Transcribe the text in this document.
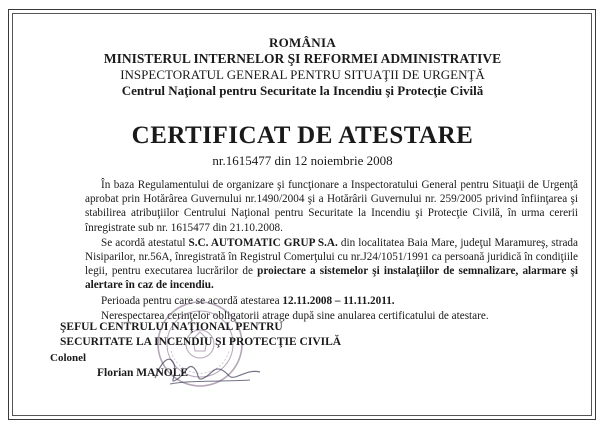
ROMÂNIA
MINISTERUL INTERNELOR ŞI REFORMEI ADMINISTRATIVE
INSPECTORATUL GENERAL PENTRU SITUAŢII DE URGENŢĂ
Centrul Naţional pentru Securitate la Incendiu şi Protecţie Civilă
CERTIFICAT DE ATESTARE
nr.1615477 din 12 noiembrie 2008

În baza Regulamentului de organizare şi funcţionare a Inspectoratului General pentru Situaţii de Urgenţă aprobat prin Hotărârea Guvernului nr.1490/2004 şi a Hotărârii Guvernului nr. 259/2005 privind înfiinţarea şi stabilirea atribuţiilor Centrului Naţional pentru Securitate la Incendiu şi Protecţie Civilă, în urma cererii înregistrate sub nr. 1615477 din 21.10.2008.

Se acordă atestatul S.C. AUTOMATIC GRUP S.A. din localitatea Baia Mare, judeţul Maramureş, strada Nisiparilor, nr.56A, înregistrată în Registrul Comerţului cu nr.J24/1051/1991 ca persoană juridică în condiţiile legii, pentru executarea lucrărilor de proiectare a sistemelor şi instalaţiilor de semnalizare, alarmare şi alertare în caz de incendiu.

Perioada pentru care se acordă atestarea 12.11.2008 – 11.11.2011.

Nerespectarea cerinţelor obligatorii atrage după sine anularea certificatului de atestare.

ŞEFUL CENTRULUI NAŢIONAL PENTRU
SECURITATE LA INCENDIU ŞI PROTECŢIE CIVILĂ
Colonel
Florian MANOLE
